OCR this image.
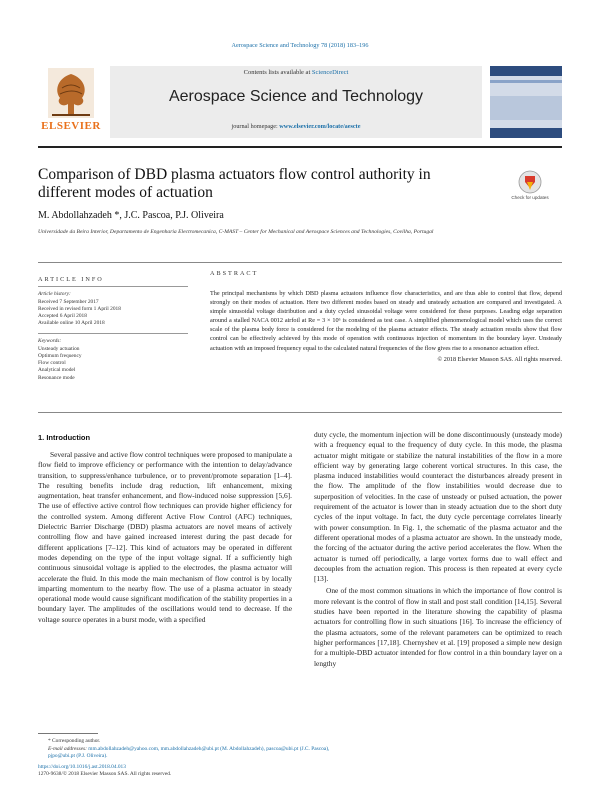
Aerospace Science and Technology 78 (2018) 183–196
ELSEVIER
Contents lists available at ScienceDirect
Aerospace Science and Technology
journal homepage: www.elsevier.com/locate/aescte
Comparison of DBD plasma actuators flow control authority in different modes of actuation	Check for updates
M. Abdollahzadeh *, J.C. Pascoa, P.J. Oliveira
Universidade da Beira Interior, Departamento de Engenharia Electromecanica, C-MAST – Center for Mechanical and Aerospace Sciences and Technologies, Covilha, Portugal
ARTICLE INFO
Article history:
Received 7 September 2017
Received in revised form 1 April 2018
Accepted 6 April 2018
Available online 10 April 2018
Keywords:
Unsteady actuation
Optimum frequency
Flow control
Analytical model
Resonance mode
ABSTRACT
The principal mechanisms by which DBD plasma actuators influence flow characteristics, and are thus able to control that flow, depend strongly on their modes of actuation. Here two different modes based on steady and unsteady actuation are compared and investigated. A simple sinusoidal voltage distribution and a duty cycled sinusoidal voltage were considered for these purposes. Leading edge separation around a stalled NACA 0012 airfoil at Re = 3 × 10⁶ is considered as test case. A simplified phenomenological model which uses the correct scale of the plasma body force is considered for the modeling of the plasma actuator effects. The steady actuation results show that flow control can be effectively achieved by this mode of operation with continuous injection of momentum in the boundary layer. Unsteady actuation with an imposed frequency equal to the calculated natural frequencies of the flow gives rise to a resonance actuation effect.
© 2018 Elsevier Masson SAS. All rights reserved.
1. Introduction

Several passive and active flow control techniques were proposed to manipulate a flow field to improve efficiency or performance with the intention to delay/advance transition, to suppress/enhance turbulence, or to prevent/promote separation [1–4]. The resulting benefits include drag reduction, lift enhancement, mixing augmentation, heat transfer enhancement, and flow-induced noise suppression [5,6]. The use of effective active control flow techniques can provide higher efficiency for the controlled system. Among different Active Flow Control (AFC) techniques, Dielectric Barrier Discharge (DBD) plasma actuators are novel means of actively controlling flow and have gained increased interest during the past decade for different applications [7–12]. This kind of actuators may be operated in different modes depending on the type of the input voltage signal. If a sufficiently high continuous sinusoidal voltage is applied to the electrodes, the plasma actuator will accelerate the fluid. In this mode the main mechanism of flow control is by locally imparting momentum to the nearby flow. The use of a plasma actuator in steady operational mode would cause significant modification of the stability properties in a boundary layer. The amplitudes of the oscillations would tend to decrease. If the voltage source operates in a burst mode, with a specified

duty cycle, the momentum injection will be done discontinuously (unsteady mode) with a frequency equal to the frequency of duty cycle. In this mode, the plasma actuator might mitigate or stabilize the natural instabilities of the flow in a more efficient way by generating large coherent vortical structures. In this case, the plasma induced instabilities would counteract the disturbances already present in the flow. The amplitude of the flow instabilities would decrease due to superposition of velocities. In the case of unsteady or pulsed actuation, the power requirement of the actuator is lower than in steady actuation due to the short duty cycles of the input voltage. In fact, the duty cycle percentage correlates linearly with power consumption. In Fig. 1, the schematic of the plasma actuator and the different operational modes of a plasma actuator are shown. In the unsteady mode, the forcing of the actuator during the active period accelerates the flow. When the actuator is turned off periodically, a large vortex forms due to wall effect and decouples from the actuation region. This process is then repeated at every cycle [13].

One of the most common situations in which the importance of flow control is more relevant is the control of flow in stall and post stall condition [14,15]. Several studies have been reported in the literature showing the capability of plasma actuators for controlling flow in such situations [16]. To increase the efficiency of the plasma actuators, some of the relevant parameters can be optimized to reach higher performances [17,18]. Chernyshev et al. [19] proposed a simple new design for a multiple-DBD actuator intended for flow control in a thin boundary layer on a lengthy

* Corresponding author.
E-mail addresses: mm.abdollahzadeh@yahoo.com, mm.abdollahzadeh@ubi.pt (M. Abdollahzadeh), pascoa@ubi.pt (J.C. Pascoa), pjpo@ubi.pt (P.J. Oliveira).
https://doi.org/10.1016/j.ast.2018.04.013
1270-9638/© 2018 Elsevier Masson SAS. All rights reserved.
